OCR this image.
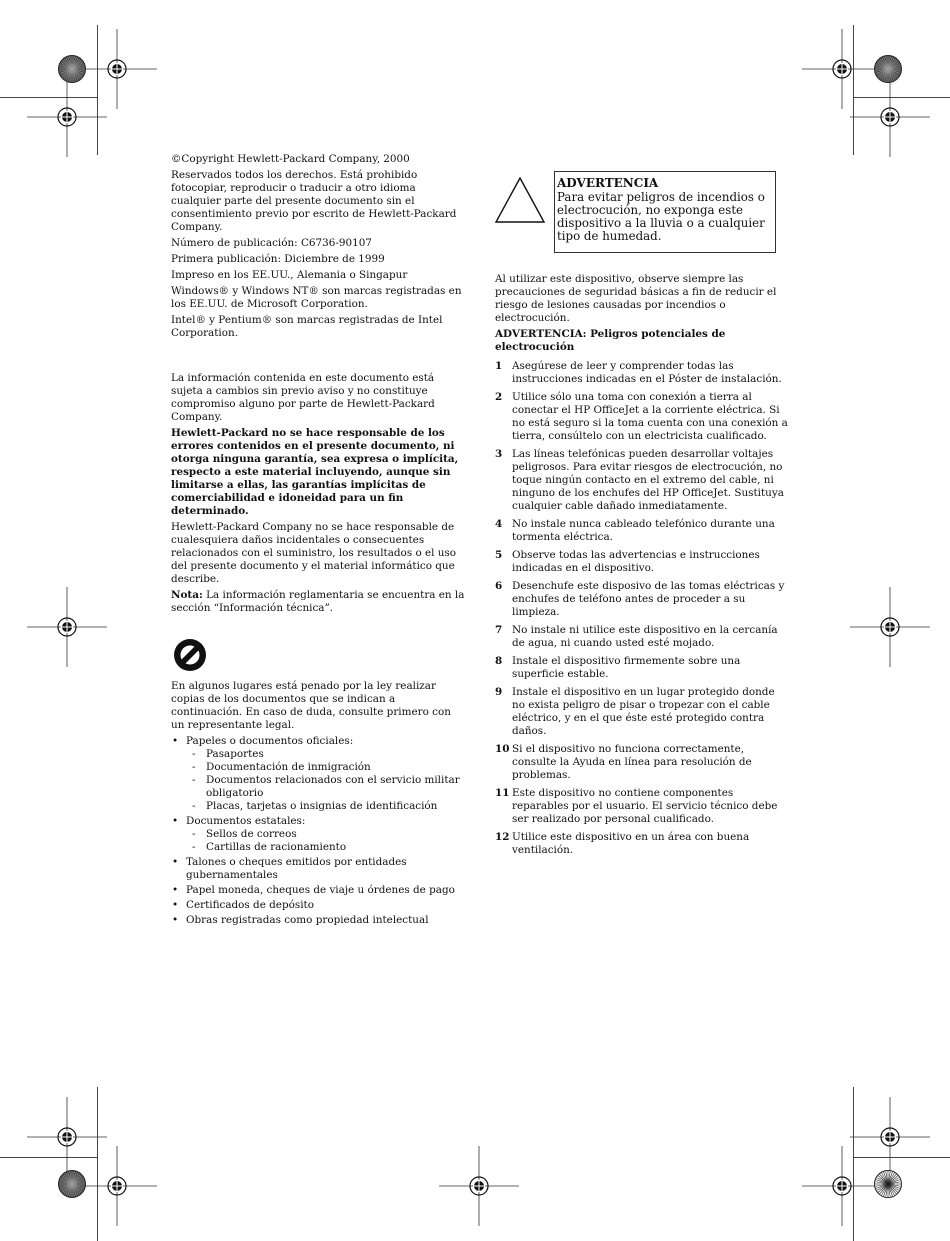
©Copyright Hewlett-Packard Company, 2000

Reservados todos los derechos. Está prohibido fotocopiar, reproducir o traducir a otro idioma cualquier parte del presente documento sin el consentimiento previo por escrito de Hewlett-Packard Company.

Número de publicación: C6736-90107

Primera publicación: Diciembre de 1999

Impreso en los EE.UU., Alemania o Singapur

Windows® y Windows NT® son marcas registradas en los EE.UU. de Microsoft Corporation.

Intel® y Pentium® son marcas registradas de Intel Corporation.

La información contenida en este documento está sujeta a cambios sin previo aviso y no constituye compromiso alguno por parte de Hewlett-Packard Company.

Hewlett-Packard no se hace responsable de los errores contenidos en el presente documento, ni otorga ninguna garantía, sea expresa o implícita, respecto a este material incluyendo, aunque sin limitarse a ellas, las garantías implícitas de comerciabilidad e idoneidad para un fin determinado.

Hewlett-Packard Company no se hace responsable de cualesquiera daños incidentales o consecuentes relacionados con el suministro, los resultados o el uso del presente documento y el material informático que describe.

Nota: La información reglamentaria se encuentra en la sección “Información técnica”.

En algunos lugares está penado por la ley realizar copias de los documentos que se indican a continuación. En caso de duda, consulte primero con un representante legal.

• Papeles o documentos oficiales:
- Pasaportes
- Documentación de inmigración
- Documentos relacionados con el servicio militar obligatorio
- Placas, tarjetas o insignias de identificación
• Documentos estatales:
- Sellos de correos
- Cartillas de racionamiento
• Talones o cheques emitidos por entidades gubernamentales
• Papel moneda, cheques de viaje u órdenes de pago
• Certificados de depósito
• Obras registradas como propiedad intelectual
ADVERTENCIA
Para evitar peligros de incendios o electrocución, no exponga este dispositivo a la lluvia o a cualquier tipo de humedad.

Al utilizar este dispositivo, observe siempre las precauciones de seguridad básicas a fin de reducir el riesgo de lesiones causadas por incendios o electrocución.

ADVERTENCIA: Peligros potenciales de electrocución

1 Asegúrese de leer y comprender todas las instrucciones indicadas en el Póster de instalación.
2 Utilice sólo una toma con conexión a tierra al conectar el HP OfficeJet a la corriente eléctrica. Si no está seguro si la toma cuenta con una conexión a tierra, consúltelo con un electricista cualificado.
3 Las líneas telefónicas pueden desarrollar voltajes peligrosos. Para evitar riesgos de electrocución, no toque ningún contacto en el extremo del cable, ni ninguno de los enchufes del HP OfficeJet. Sustituya cualquier cable dañado inmediatamente.
4 No instale nunca cableado telefónico durante una tormenta eléctrica.
5 Observe todas las advertencias e instrucciones indicadas en el dispositivo.
6 Desenchufe este disposivo de las tomas eléctricas y enchufes de teléfono antes de proceder a su limpieza.
7 No instale ni utilice este dispositivo en la cercanía de agua, ni cuando usted esté mojado.
8 Instale el dispositivo firmemente sobre una superficie estable.
9 Instale el dispositivo en un lugar protegido donde no exista peligro de pisar o tropezar con el cable eléctrico, y en el que éste esté protegido contra daños.
10 Si el dispositivo no funciona correctamente, consulte la Ayuda en línea para resolución de problemas.
11 Este dispositivo no contiene componentes reparables por el usuario. El servicio técnico debe ser realizado por personal cualificado.
12 Utilice este dispositivo en un área con buena ventilación.
